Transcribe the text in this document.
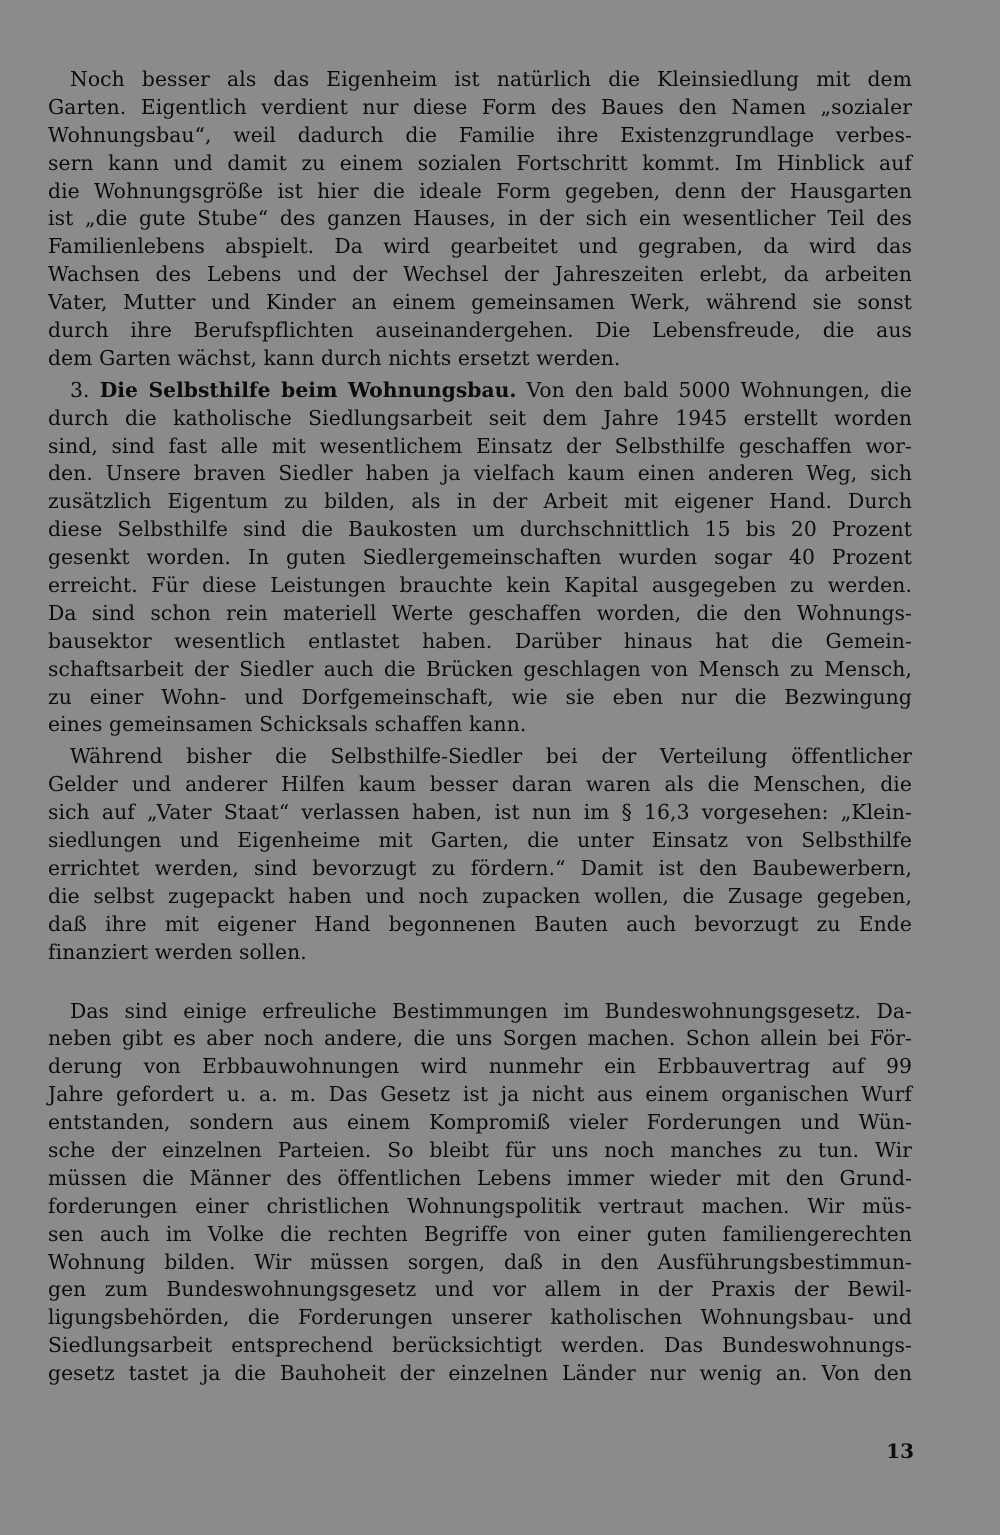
Noch besser als das Eigenheim ist natürlich die Kleinsiedlung mit dem
Garten. Eigentlich verdient nur diese Form des Baues den Namen „sozialer
Wohnungsbau“, weil dadurch die Familie ihre Existenzgrundlage verbes-
sern kann und damit zu einem sozialen Fortschritt kommt. Im Hinblick auf
die Wohnungsgröße ist hier die ideale Form gegeben, denn der Hausgarten
ist „die gute Stube“ des ganzen Hauses, in der sich ein wesentlicher Teil des
Familienlebens abspielt. Da wird gearbeitet und gegraben, da wird das
Wachsen des Lebens und der Wechsel der Jahreszeiten erlebt, da arbeiten
Vater, Mutter und Kinder an einem gemeinsamen Werk, während sie sonst
durch ihre Berufspflichten auseinandergehen. Die Lebensfreude, die aus
dem Garten wächst, kann durch nichts ersetzt werden.
3. Die Selbsthilfe beim Wohnungsbau. Von den bald 5000 Wohnungen, die
durch die katholische Siedlungsarbeit seit dem Jahre 1945 erstellt worden
sind, sind fast alle mit wesentlichem Einsatz der Selbsthilfe geschaffen wor-
den. Unsere braven Siedler haben ja vielfach kaum einen anderen Weg, sich
zusätzlich Eigentum zu bilden, als in der Arbeit mit eigener Hand. Durch
diese Selbsthilfe sind die Baukosten um durchschnittlich 15 bis 20 Prozent
gesenkt worden. In guten Siedlergemeinschaften wurden sogar 40 Prozent
erreicht. Für diese Leistungen brauchte kein Kapital ausgegeben zu werden.
Da sind schon rein materiell Werte geschaffen worden, die den Wohnungs-
bausektor wesentlich entlastet haben. Darüber hinaus hat die Gemein-
schaftsarbeit der Siedler auch die Brücken geschlagen von Mensch zu Mensch,
zu einer Wohn- und Dorfgemeinschaft, wie sie eben nur die Bezwingung
eines gemeinsamen Schicksals schaffen kann.
Während bisher die Selbsthilfe-Siedler bei der Verteilung öffentlicher
Gelder und anderer Hilfen kaum besser daran waren als die Menschen, die
sich auf „Vater Staat“ verlassen haben, ist nun im § 16,3 vorgesehen: „Klein-
siedlungen und Eigenheime mit Garten, die unter Einsatz von Selbsthilfe
errichtet werden, sind bevorzugt zu fördern.“ Damit ist den Baubewerbern,
die selbst zugepackt haben und noch zupacken wollen, die Zusage gegeben,
daß ihre mit eigener Hand begonnenen Bauten auch bevorzugt zu Ende
finanziert werden sollen.
Das sind einige erfreuliche Bestimmungen im Bundeswohnungsgesetz. Da-
neben gibt es aber noch andere, die uns Sorgen machen. Schon allein bei För-
derung von Erbbauwohnungen wird nunmehr ein Erbbauvertrag auf 99
Jahre gefordert u. a. m. Das Gesetz ist ja nicht aus einem organischen Wurf
entstanden, sondern aus einem Kompromiß vieler Forderungen und Wün-
sche der einzelnen Parteien. So bleibt für uns noch manches zu tun. Wir
müssen die Männer des öffentlichen Lebens immer wieder mit den Grund-
forderungen einer christlichen Wohnungspolitik vertraut machen. Wir müs-
sen auch im Volke die rechten Begriffe von einer guten familiengerechten
Wohnung bilden. Wir müssen sorgen, daß in den Ausführungsbestimmun-
gen zum Bundeswohnungsgesetz und vor allem in der Praxis der Bewil-
ligungsbehörden, die Forderungen unserer katholischen Wohnungsbau- und
Siedlungsarbeit entsprechend berücksichtigt werden. Das Bundeswohnungs-
gesetz tastet ja die Bauhoheit der einzelnen Länder nur wenig an. Von den
13
